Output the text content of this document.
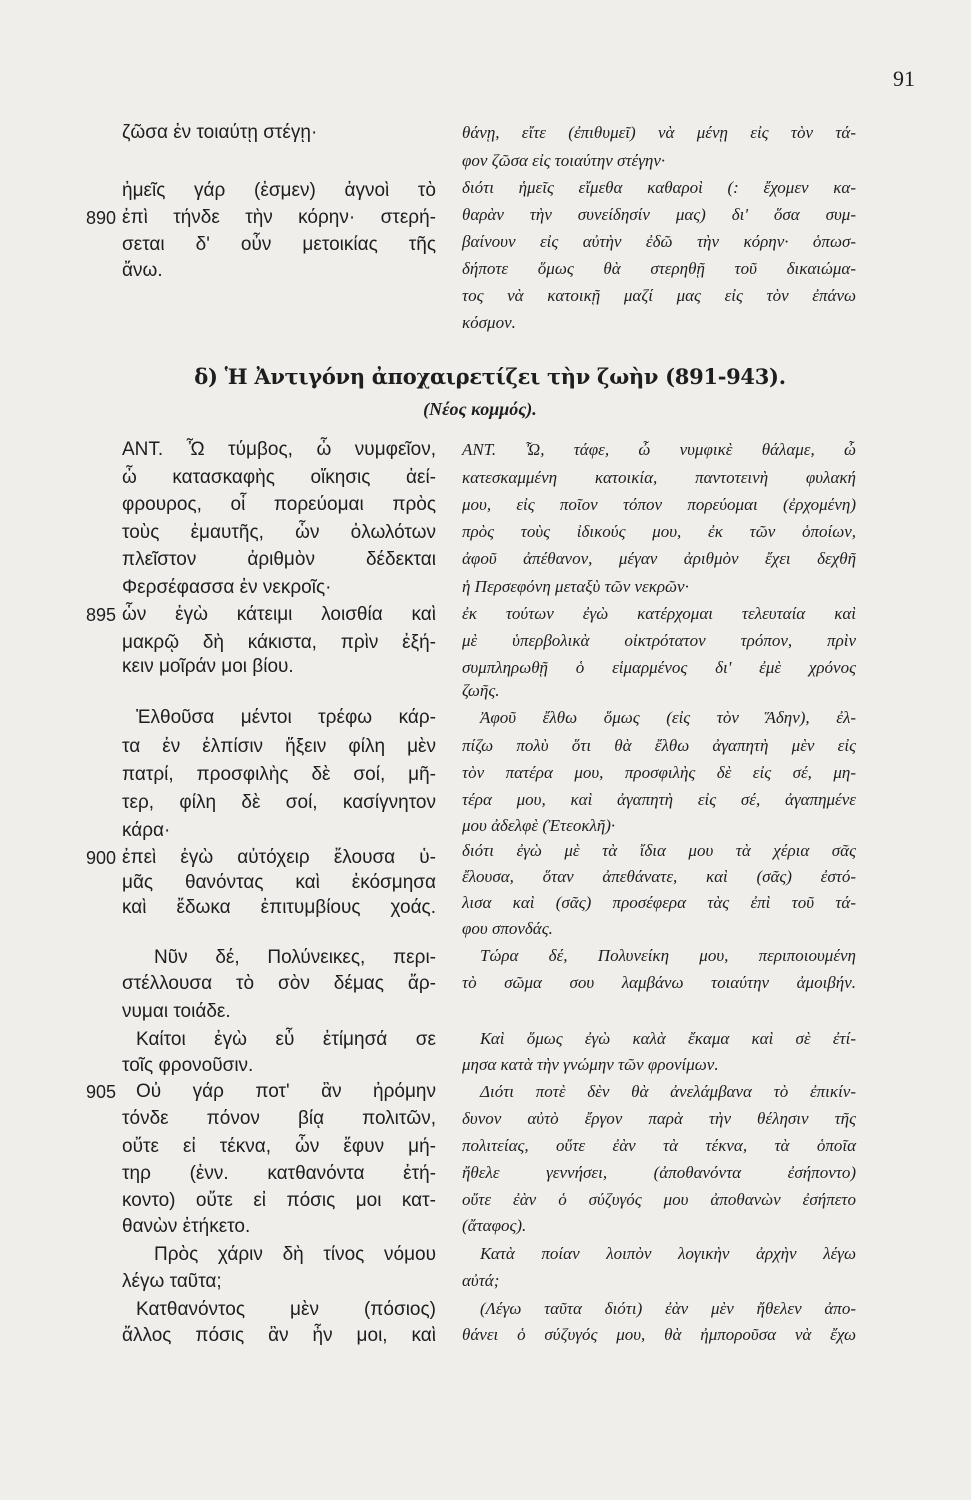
91
δ) Ἡ Ἀντιγόνη ἀποχαιρετίζει τὴν ζωὴν (891-943).
(Νέος κομμός).
ζῶσα ἐν τοιαύτῃ στέγῃ·
ἡμεῖς γάρ (ἐσμεν) ἁγνοὶ τὸ
ἐπὶ τήνδε τὴν κόρην· στερή-
890
σεται δ' οὖν μετοικίας τῆς
ἄνω.
ΑΝΤ. Ὦ τύμβος, ὦ νυμφεῖον,
ὦ κατασκαφὴς οἴκησις ἀεί-
φρουρος, οἷ πορεύομαι πρὸς
τοὺς ἐμαυτῆς, ὧν ὀλωλότων
πλεῖστον ἀριθμὸν δέδεκται
Φερσέφασσα ἐν νεκροῖς·
ὧν ἐγὼ κάτειμι λοισθία καὶ
895
μακρῷ δὴ κάκιστα, πρὶν ἐξή-
κειν μοῖράν μοι βίου.
Ἐλθοῦσα μέντοι τρέφω κάρ-
τα ἐν ἐλπίσιν ἥξειν φίλη μὲν
πατρί, προσφιλὴς δὲ σοί, μῆ-
τερ, φίλη δὲ σοί, κασίγνητον
κάρα·
ἐπεὶ ἐγὼ αὐτόχειρ ἔλουσα ὑ-
900
μᾶς θανόντας καὶ ἐκόσμησα
καὶ ἔδωκα ἐπιτυμβίους χοάς.
Νῦν δέ, Πολύνεικες, περι-
στέλλουσα τὸ σὸν δέμας ἄρ-
νυμαι τοιάδε.
Καίτοι ἐγὼ εὖ ἐτίμησά σε
τοῖς φρονοῦσιν.
Οὐ γάρ ποτ' ἂν ἠρόμην
905
τόνδε πόνον βίᾳ πολιτῶν,
οὔτε εἰ τέκνα, ὧν ἔφυν μή-
τηρ (ἐνν. κατθανόντα ἐτή-
κοντο) οὔτε εἰ πόσις μοι κατ-
θανὼν ἐτήκετο.
Πρὸς χάριν δὴ τίνος νόμου
λέγω ταῦτα;
Κατθανόντος μὲν (πόσιος)
ἄλλος πόσις ἂν ἦν μοι, καὶ
θάνῃ, εἴτε (ἐπιθυμεῖ) νὰ μένῃ εἰς τὸν τά-
φον ζῶσα εἰς τοιαύτην στέγην·
διότι ἡμεῖς εἴμεθα καθαροὶ (: ἔχομεν κα-
θαρὰν τὴν συνείδησίν μας) δι' ὅσα συμ-
βαίνουν εἰς αὐτὴν ἐδῶ τὴν κόρην· ὁπωσ-
δήποτε ὅμως θὰ στερηθῇ τοῦ δικαιώμα-
τος νὰ κατοικῇ μαζί μας εἰς τὸν ἐπάνω
κόσμον.
ΑΝΤ. Ὦ, τάφε, ὦ νυμφικὲ θάλαμε, ὦ
κατεσκαμμένη κατοικία, παντοτεινὴ φυλακή
μου, εἰς ποῖον τόπον πορεύομαι (ἐρχομένη)
πρὸς τοὺς ἰδικούς μου, ἐκ τῶν ὁποίων,
ἀφοῦ ἀπέθανον, μέγαν ἀριθμὸν ἔχει δεχθῆ
ἡ Περσεφόνη μεταξὺ τῶν νεκρῶν·
ἐκ τούτων ἐγὼ κατέρχομαι τελευταία καὶ
μὲ ὑπερβολικὰ οἰκτρότατον τρόπον, πρὶν
συμπληρωθῇ ὁ εἱμαρμένος δι' ἐμὲ χρόνος
ζωῆς.
Ἀφοῦ ἔλθω ὅμως (εἰς τὸν Ἅδην), ἐλ-
πίζω πολὺ ὅτι θὰ ἔλθω ἀγαπητὴ μὲν εἰς
τὸν πατέρα μου, προσφιλὴς δὲ εἰς σέ, μη-
τέρα μου, καὶ ἀγαπητὴ εἰς σέ, ἀγαπημένε
μου ἀδελφὲ (Ἐτεοκλῆ)·
διότι ἐγὼ μὲ τὰ ἴδια μου τὰ χέρια σᾶς
ἔλουσα, ὅταν ἀπεθάνατε, καὶ (σᾶς) ἐστό-
λισα καὶ (σᾶς) προσέφερα τὰς ἐπὶ τοῦ τά-
φου σπονδάς.
Τώρα δέ, Πολυνείκη μου, περιποιουμένη
τὸ σῶμα σου λαμβάνω τοιαύτην ἀμοιβήν.
Καὶ ὅμως ἐγὼ καλὰ ἔκαμα καὶ σὲ ἐτί-
μησα κατὰ τὴν γνώμην τῶν φρονίμων.
Διότι ποτὲ δὲν θὰ ἀνελάμβανα τὸ ἐπικίν-
δυνον αὐτὸ ἔργον παρὰ τὴν θέλησιν τῆς
πολιτείας, οὔτε ἐὰν τὰ τέκνα, τὰ ὁποῖα
ἤθελε γεννήσει, (ἀποθανόντα ἐσήποντο)
οὔτε ἐὰν ὁ σύζυγός μου ἀποθανὼν ἐσήπετο
(ἄταφος).
Κατὰ ποίαν λοιπὸν λογικὴν ἀρχὴν λέγω
αὐτά;
(Λέγω ταῦτα διότι) ἐὰν μὲν ἤθελεν ἀπο-
θάνει ὁ σύζυγός μου, θὰ ἠμποροῦσα νὰ ἔχω
